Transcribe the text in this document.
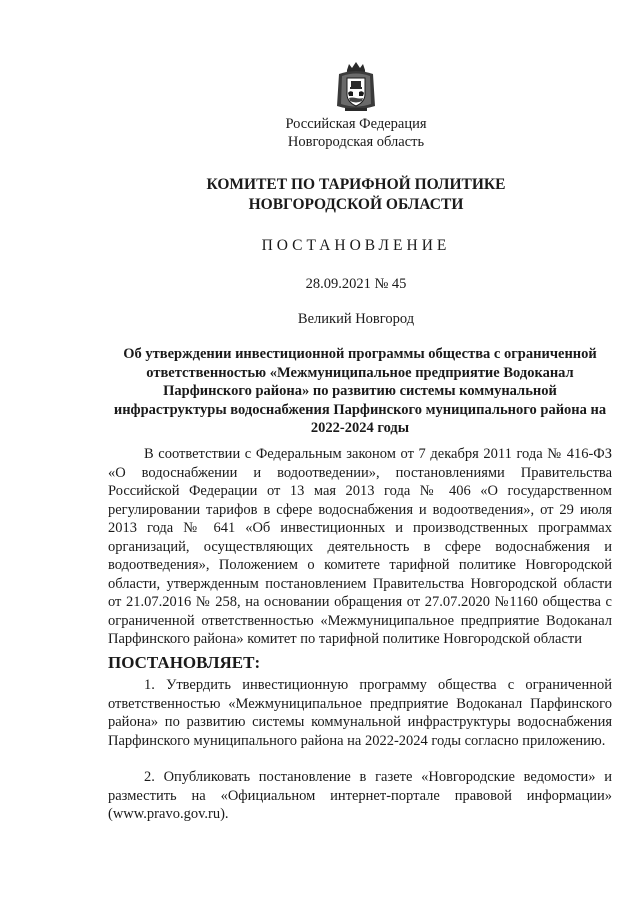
Российская Федерация
Новгородская область
КОМИТЕТ ПО ТАРИФНОЙ ПОЛИТИКЕ НОВГОРОДСКОЙ ОБЛАСТИ
ПОСТАНОВЛЕНИЕ
28.09.2021 № 45
Великий Новгород
Об утверждении инвестиционной программы общества с ограниченной ответственностью «Межмуниципальное предприятие Водоканал Парфинского района» по развитию системы коммунальной инфраструктуры водоснабжения Парфинского муниципального района на 2022-2024 годы
В соответствии с Федеральным законом от 7 декабря 2011 года № 416-ФЗ «О водоснабжении и водоотведении», постановлениями Правительства Российской Федерации от 13 мая 2013 года № 406 «О государственном регулировании тарифов в сфере водоснабжения и водоотведения», от 29 июля 2013 года № 641 «Об инвестиционных и производственных программах организаций, осуществляющих деятельность в сфере водоснабжения и водоотведения», Положением о комитете тарифной политике Новгородской области, утвержденным постановлением Правительства Новгородской области от 21.07.2016 № 258, на основании обращения от 27.07.2020 №1160 общества с ограниченной ответственностью «Межмуниципальное предприятие Водоканал Парфинского района» комитет по тарифной политике Новгородской области
ПОСТАНОВЛЯЕТ:
1. Утвердить инвестиционную программу общества с ограниченной ответственностью «Межмуниципальное предприятие Водоканал Парфинского района» по развитию системы коммунальной инфраструктуры водоснабжения Парфинского муниципального района на 2022-2024 годы согласно приложению.
2. Опубликовать постановление в газете «Новгородские ведомости» и разместить на «Официальном интернет-портале правовой информации» (www.pravo.gov.ru).
